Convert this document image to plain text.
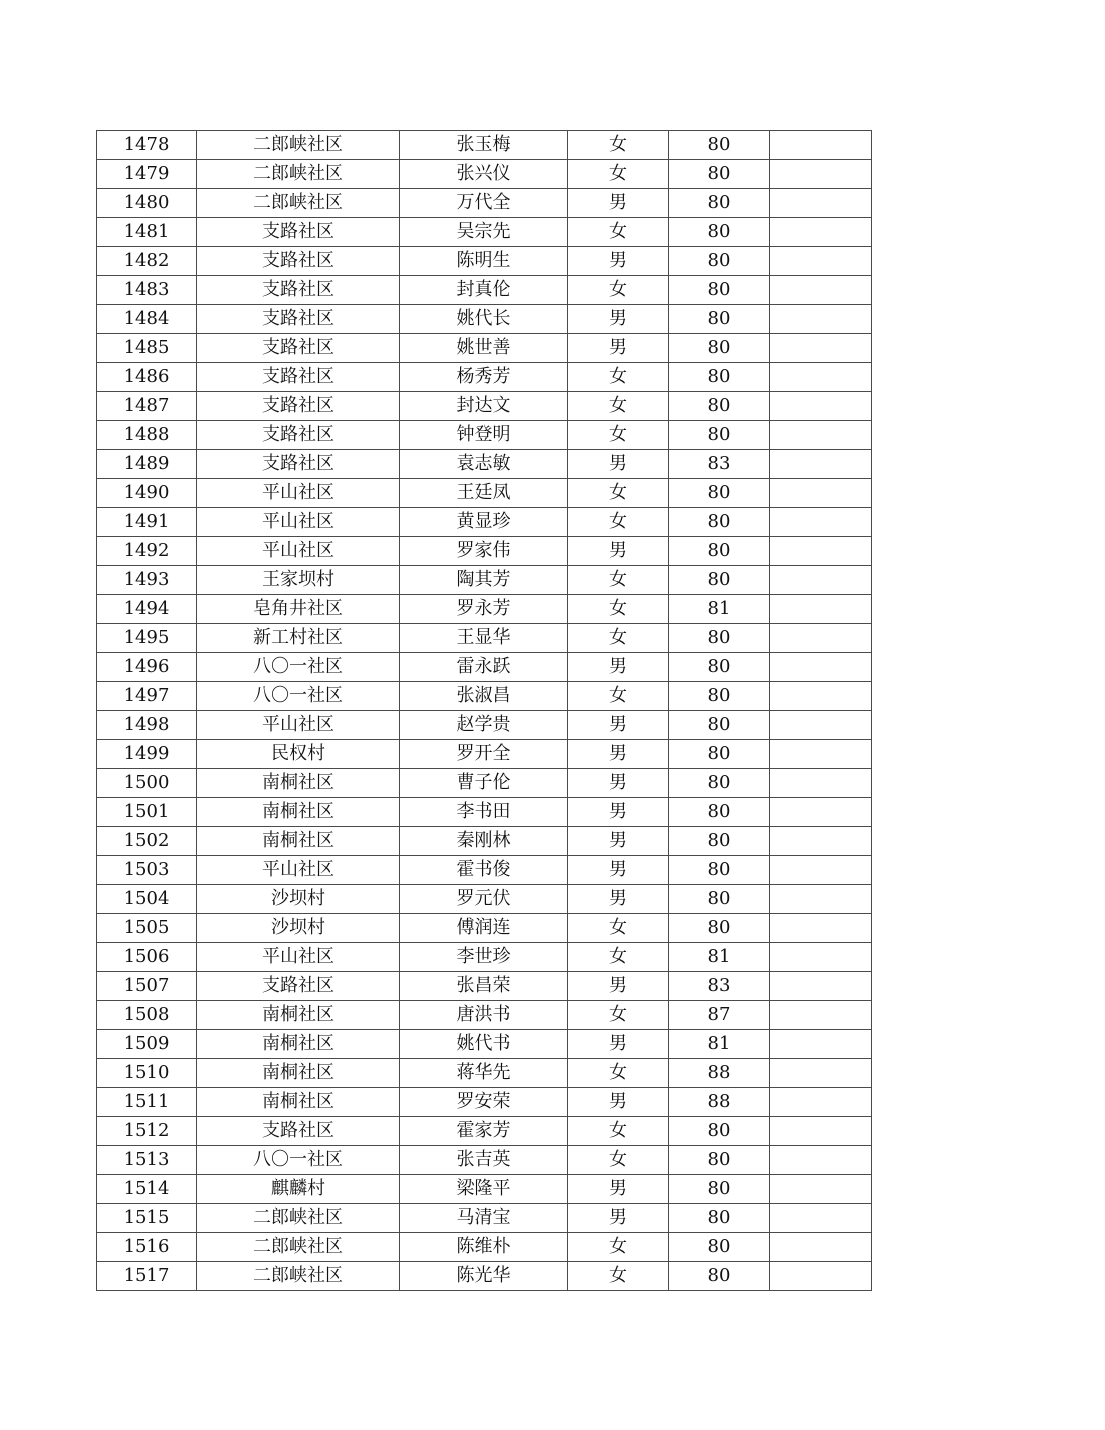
1478	二郎峡社区	张玉梅	女	80	
1479	二郎峡社区	张兴仪	女	80	
1480	二郎峡社区	万代全	男	80	
1481	支路社区	吴宗先	女	80	
1482	支路社区	陈明生	男	80	
1483	支路社区	封真伦	女	80	
1484	支路社区	姚代长	男	80	
1485	支路社区	姚世善	男	80	
1486	支路社区	杨秀芳	女	80	
1487	支路社区	封达文	女	80	
1488	支路社区	钟登明	女	80	
1489	支路社区	袁志敏	男	83	
1490	平山社区	王廷凤	女	80	
1491	平山社区	黄显珍	女	80	
1492	平山社区	罗家伟	男	80	
1493	王家坝村	陶其芳	女	80	
1494	皂角井社区	罗永芳	女	81	
1495	新工村社区	王显华	女	80	
1496	八〇一社区	雷永跃	男	80	
1497	八〇一社区	张淑昌	女	80	
1498	平山社区	赵学贵	男	80	
1499	民权村	罗开全	男	80	
1500	南桐社区	曹子伦	男	80	
1501	南桐社区	李书田	男	80	
1502	南桐社区	秦刚林	男	80	
1503	平山社区	霍书俊	男	80	
1504	沙坝村	罗元伏	男	80	
1505	沙坝村	傅润连	女	80	
1506	平山社区	李世珍	女	81	
1507	支路社区	张昌荣	男	83	
1508	南桐社区	唐洪书	女	87	
1509	南桐社区	姚代书	男	81	
1510	南桐社区	蒋华先	女	88	
1511	南桐社区	罗安荣	男	88	
1512	支路社区	霍家芳	女	80	
1513	八〇一社区	张吉英	女	80	
1514	麒麟村	梁隆平	男	80	
1515	二郎峡社区	马清宝	男	80	
1516	二郎峡社区	陈维朴	女	80	
1517	二郎峡社区	陈光华	女	80	
